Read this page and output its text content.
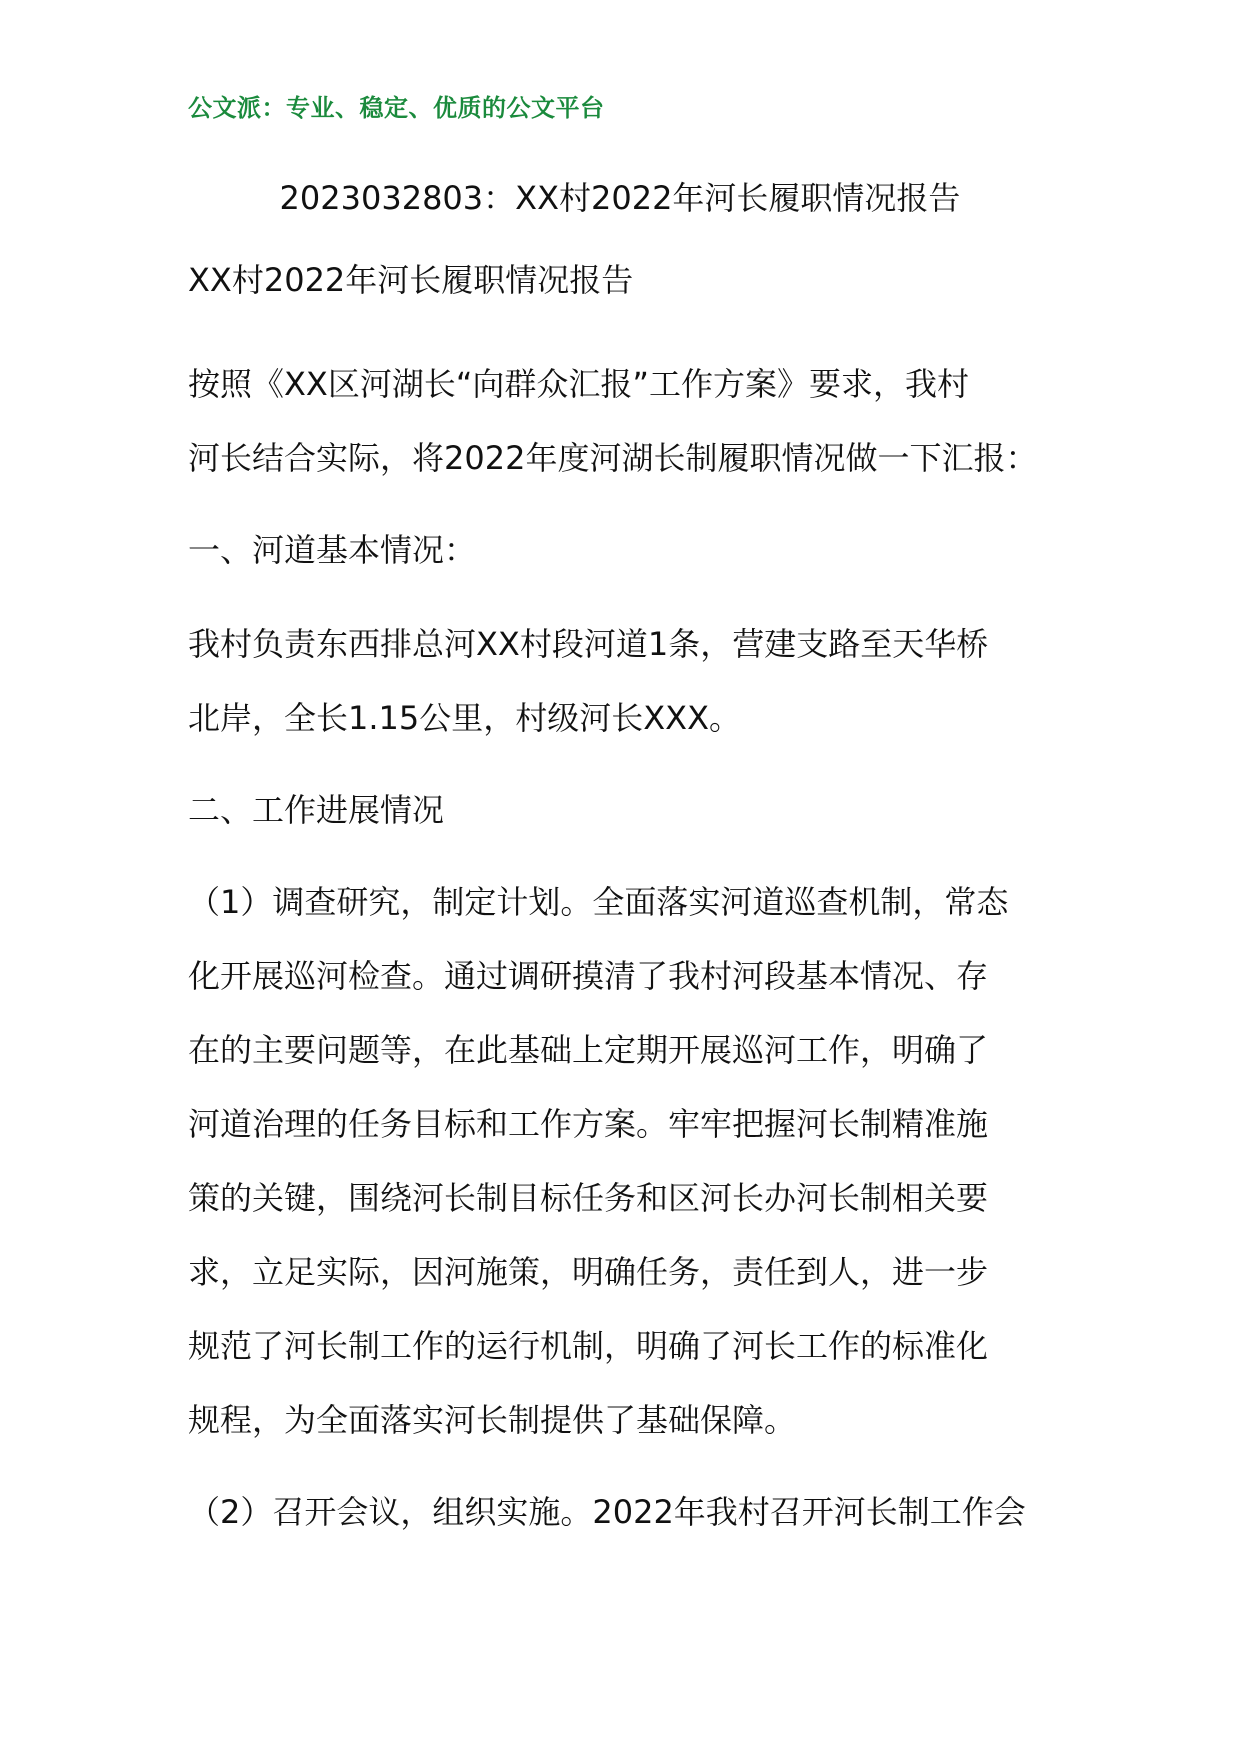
公文派：专业、稳定、优质的公文平台
2023032803：XX村2022年河长履职情况报告
XX村2022年河长履职情况报告
按照《XX区河湖长“向群众汇报”工作方案》要求，我村
河长结合实际，将2022年度河湖长制履职情况做一下汇报：
一、河道基本情况：
我村负责东西排总河XX村段河道1条，营建支路至天华桥
北岸，全长1.15公里，村级河长XXX。
二、工作进展情况
（1）调查研究，制定计划。全面落实河道巡查机制，常态
化开展巡河检查。通过调研摸清了我村河段基本情况、存
在的主要问题等，在此基础上定期开展巡河工作，明确了
河道治理的任务目标和工作方案。牢牢把握河长制精准施
策的关键，围绕河长制目标任务和区河长办河长制相关要
求，立足实际，因河施策，明确任务，责任到人，进一步
规范了河长制工作的运行机制，明确了河长工作的标准化
规程，为全面落实河长制提供了基础保障。
（2）召开会议，组织实施。2022年我村召开河长制工作会
